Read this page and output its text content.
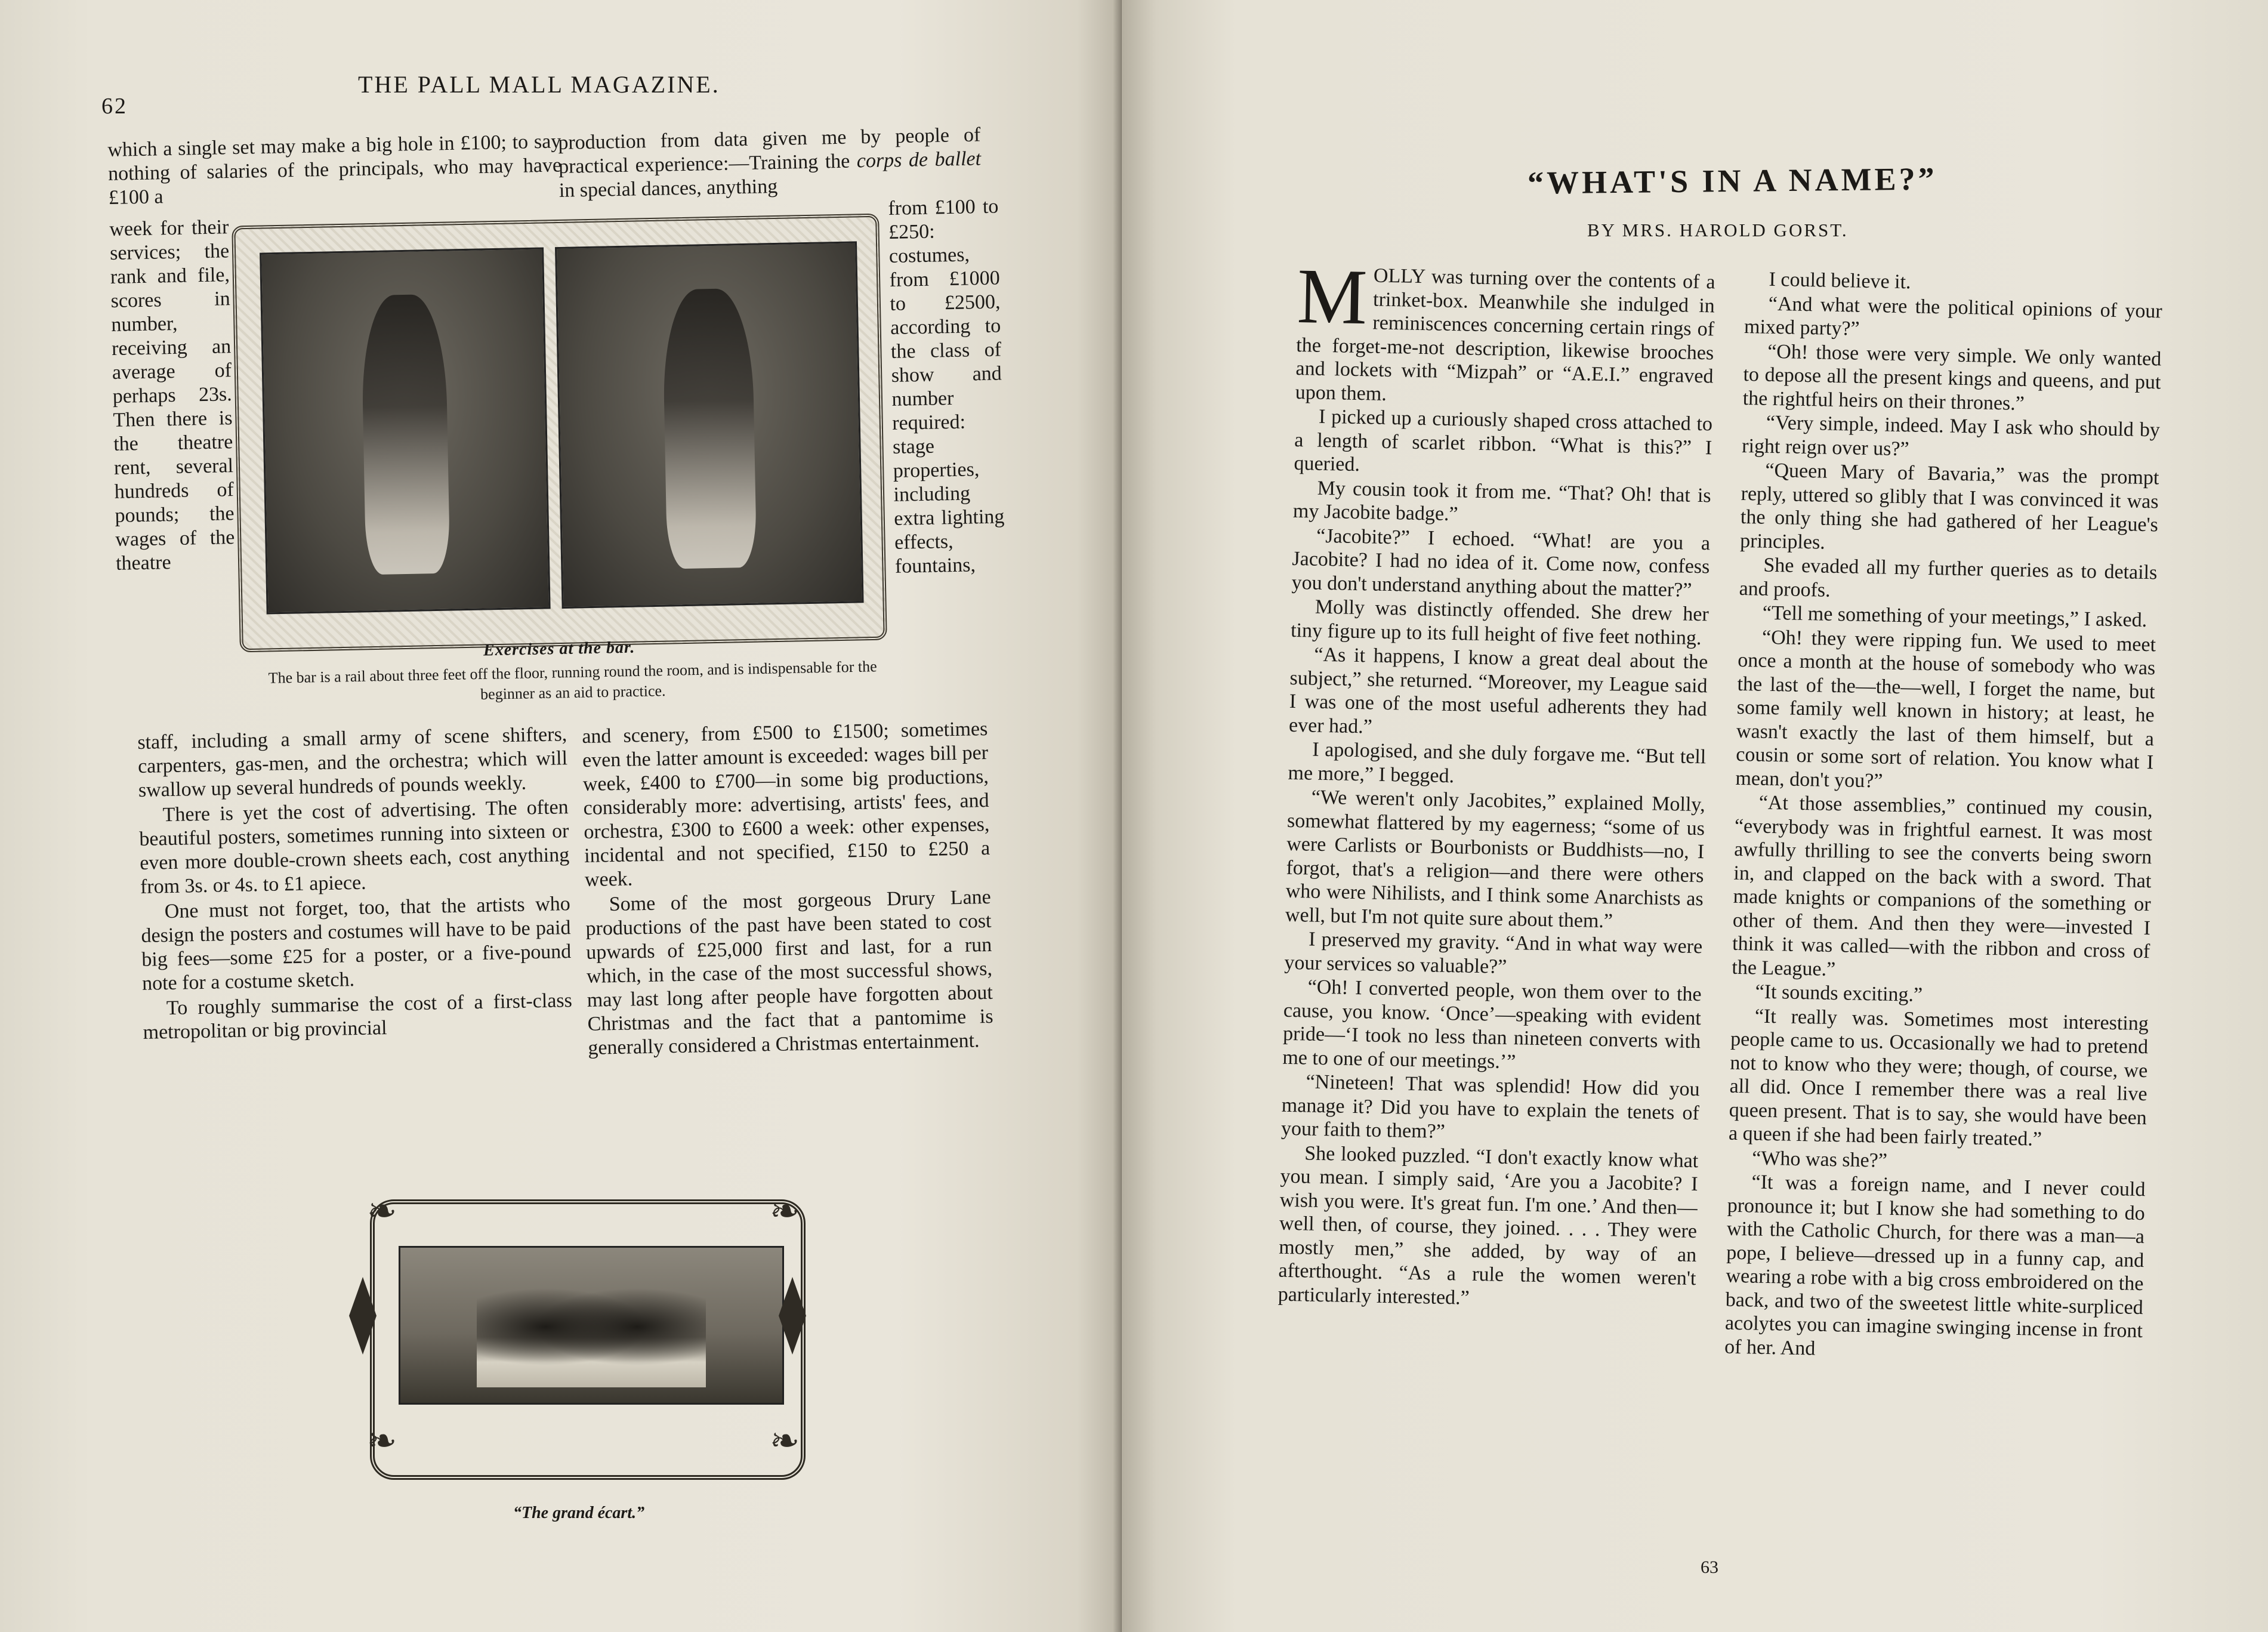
62
THE PALL MALL MAGAZINE.

which a single set may make a big hole in £100; to say nothing of salaries of the principals, who may have £100 a

week for their services; the rank and file, scores in number, receiving an average of perhaps 23s. Then there is the theatre rent, several hundreds of pounds; the wages of the theatre

production from data given me by people of practical experience:—Training the corps de ballet in special dances, anything

from £100 to £250: costumes, from £1000 to £2500, according to the class of show and number required: stage properties, including extra lighting effects, fountains,
Exercises at the bar.
The bar is a rail about three feet off the floor, running round the room, and is indispensable for the beginner as an aid to practice.

staff, including a small army of scene shifters, carpenters, gas-men, and the orchestra; which will swallow up several hundreds of pounds weekly.

There is yet the cost of advertising. The often beautiful posters, sometimes running into sixteen or even more double-crown sheets each, cost anything from 3s. or 4s. to £1 apiece.

One must not forget, too, that the artists who design the posters and costumes will have to be paid big fees—some £25 for a poster, or a five-pound note for a costume sketch.

To roughly summarise the cost of a first-class metropolitan or big provincial

and scenery, from £500 to £1500; sometimes even the latter amount is exceeded: wages bill per week, £400 to £700—in some big productions, considerably more: advertising, artists' fees, and orchestra, £300 to £600 a week: other expenses, incidental and not specified, £150 to £250 a week.

Some of the most gorgeous Drury Lane productions of the past have been stated to cost upwards of £25,000 first and last, for a run which, in the case of the most successful shows, may last long after people have forgotten about Christmas and the fact that a pantomime is generally considered a Christmas entertainment.

❧	❧
❧	❧
“The grand écart.”
“WHAT'S IN A NAME?”
BY MRS. HAROLD GORST.

MOLLY was turning over the contents of a trinket-box. Meanwhile she indulged in reminiscences concerning certain rings of the forget-me-not description, likewise brooches and lockets with “Mizpah” or “A.E.I.” engraved upon them.

I picked up a curiously shaped cross attached to a length of scarlet ribbon. “What is this?” I queried.

My cousin took it from me. “That? Oh! that is my Jacobite badge.”

“Jacobite?” I echoed. “What! are you a Jacobite? I had no idea of it. Come now, confess you don't understand anything about the matter?”

Molly was distinctly offended. She drew her tiny figure up to its full height of five feet nothing.

“As it happens, I know a great deal about the subject,” she returned. “Moreover, my League said I was one of the most useful adherents they had ever had.”

I apologised, and she duly forgave me. “But tell me more,” I begged.

“We weren't only Jacobites,” explained Molly, somewhat flattered by my eagerness; “some of us were Carlists or Bourbonists or Buddhists—no, I forgot, that's a religion—and there were others who were Nihilists, and I think some Anarchists as well, but I'm not quite sure about them.”

I preserved my gravity. “And in what way were your services so valuable?”

“Oh! I converted people, won them over to the cause, you know. ‘Once’—speaking with evident pride—‘I took no less than nineteen converts with me to one of our meetings.’”

“Nineteen! That was splendid! How did you manage it? Did you have to explain the tenets of your faith to them?”

She looked puzzled. “I don't exactly know what you mean. I simply said, ‘Are you a Jacobite? I wish you were. It's great fun. I'm one.’ And then—well then, of course, they joined. . . . They were mostly men,” she added, by way of an afterthought. “As a rule the women weren't particularly interested.”

I could believe it.

“And what were the political opinions of your mixed party?”

“Oh! those were very simple. We only wanted to depose all the present kings and queens, and put the rightful heirs on their thrones.”

“Very simple, indeed. May I ask who should by right reign over us?”

“Queen Mary of Bavaria,” was the prompt reply, uttered so glibly that I was convinced it was the only thing she had gathered of her League's principles.

She evaded all my further queries as to details and proofs.

“Tell me something of your meetings,” I asked.

“Oh! they were ripping fun. We used to meet once a month at the house of somebody who was the last of the—the—well, I forget the name, but some family well known in history; at least, he wasn't exactly the last of them himself, but a cousin or some sort of relation. You know what I mean, don't you?”

“At those assemblies,” continued my cousin, “everybody was in frightful earnest. It was most awfully thrilling to see the converts being sworn in, and clapped on the back with a sword. That made knights or companions of the something or other of them. And then they were—invested I think it was called—with the ribbon and cross of the League.”

“It sounds exciting.”

“It really was. Sometimes most interesting people came to us. Occasionally we had to pretend not to know who they were; though, of course, we all did. Once I remember there was a real live queen present. That is to say, she would have been a queen if she had been fairly treated.”

“Who was she?”

“It was a foreign name, and I never could pronounce it; but I know she had something to do with the Catholic Church, for there was a man—a pope, I believe—dressed up in a funny cap, and wearing a robe with a big cross embroidered on the back, and two of the sweetest little white-surpliced acolytes you can imagine swinging incense in front of her. And

63
